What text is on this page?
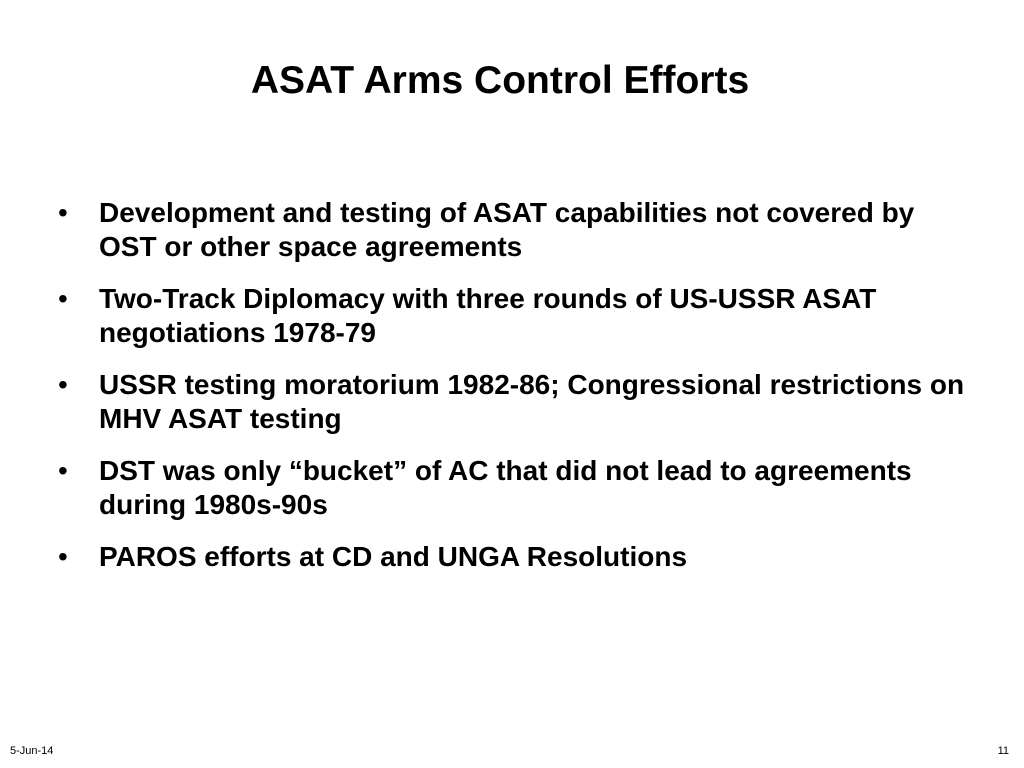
ASAT Arms Control Efforts
• Development and testing of ASAT capabilities not covered by OST or other space agreements
• Two-Track Diplomacy with three rounds of US-USSR ASAT negotiations 1978-79
• USSR testing moratorium 1982-86; Congressional restrictions on MHV ASAT testing
• DST was only “bucket” of AC that did not lead to agreements during 1980s-90s
• PAROS efforts at CD and UNGA Resolutions
5-Jun-14	11
